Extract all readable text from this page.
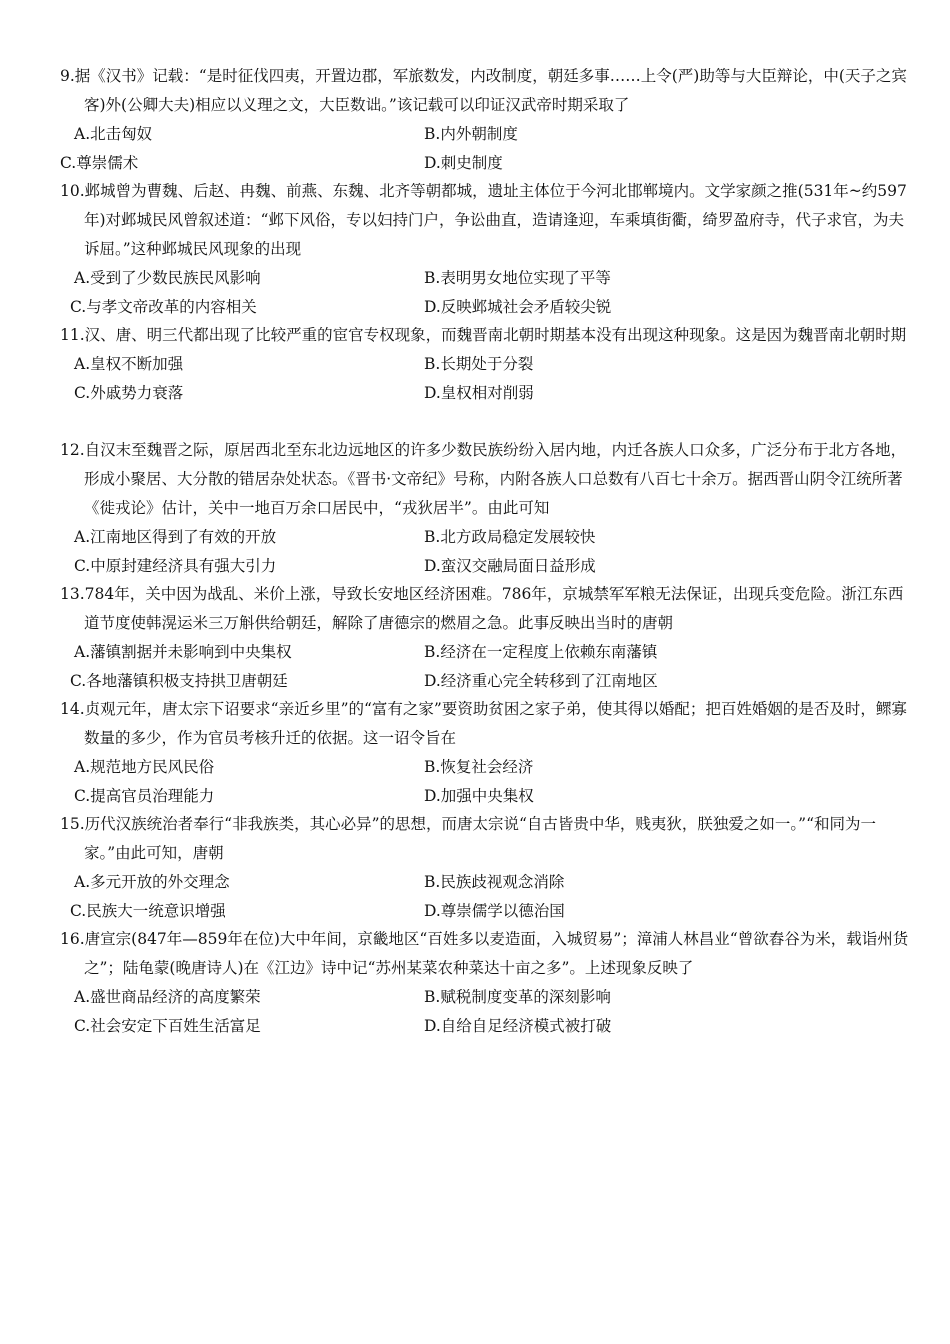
9.据《汉书》记载：“是时征伐四夷，开置边郡，军旅数发，内改制度，朝廷多事……上令(严)助等与大臣辩论，中(天子之宾客)外(公卿大夫)相应以义理之文，大臣数诎。”该记载可以印证汉武帝时期采取了

A.北击匈奴	B.内外朝制度
C.尊崇儒术	D.刺史制度

10.邺城曾为曹魏、后赵、冉魏、前燕、东魏、北齐等朝都城，遗址主体位于今河北邯郸境内。文学家颜之推(531年~约597年)对邺城民风曾叙述道：“邺下风俗，专以妇持门户，争讼曲直，造请逢迎，车乘填街衢，绮罗盈府寺，代子求官，为夫诉屈。”这种邺城民风现象的出现

A.受到了少数民族民风影响	B.表明男女地位实现了平等
C.与孝文帝改革的内容相关	D.反映邺城社会矛盾较尖锐

11.汉、唐、明三代都出现了比较严重的宦官专权现象，而魏晋南北朝时期基本没有出现这种现象。这是因为魏晋南北朝时期

A.皇权不断加强	B.长期处于分裂
C.外戚势力衰落	D.皇权相对削弱

12.自汉末至魏晋之际，原居西北至东北边远地区的许多少数民族纷纷入居内地，内迁各族人口众多，广泛分布于北方各地，形成小聚居、大分散的错居杂处状态。《晋书·文帝纪》号称，内附各族人口总数有八百七十余万。据西晋山阴令江统所著《徙戎论》估计，关中一地百万余口居民中，“戎狄居半”。由此可知

A.江南地区得到了有效的开放	B.北方政局稳定发展较快
C.中原封建经济具有强大引力	D.蛮汉交融局面日益形成

13.784年，关中因为战乱、米价上涨，导致长安地区经济困难。786年，京城禁军军粮无法保证，出现兵变危险。浙江东西道节度使韩滉运米三万斛供给朝廷，解除了唐德宗的燃眉之急。此事反映出当时的唐朝

A.藩镇割据并未影响到中央集权	B.经济在一定程度上依赖东南藩镇
C.各地藩镇积极支持拱卫唐朝廷	D.经济重心完全转移到了江南地区

14.贞观元年，唐太宗下诏要求“亲近乡里”的“富有之家”要资助贫困之家子弟，使其得以婚配；把百姓婚姻的是否及时，鳏寡数量的多少，作为官员考核升迁的依据。这一诏令旨在

A.规范地方民风民俗	B.恢复社会经济
C.提高官员治理能力	D.加强中央集权

15.历代汉族统治者奉行“非我族类，其心必异”的思想，而唐太宗说“自古皆贵中华，贱夷狄，朕独爱之如一。”“和同为一家。”由此可知，唐朝

A.多元开放的外交理念	B.民族歧视观念消除
C.民族大一统意识增强	D.尊崇儒学以德治国

16.唐宣宗(847年—859年在位)大中年间，京畿地区“百姓多以麦造面，入城贸易”；漳浦人林昌业“曾欲舂谷为米，载诣州货之”；陆龟蒙(晚唐诗人)在《江边》诗中记“苏州某菜农种菜达十亩之多”。上述现象反映了

A.盛世商品经济的高度繁荣	B.赋税制度变革的深刻影响
C.社会安定下百姓生活富足	D.自给自足经济模式被打破
